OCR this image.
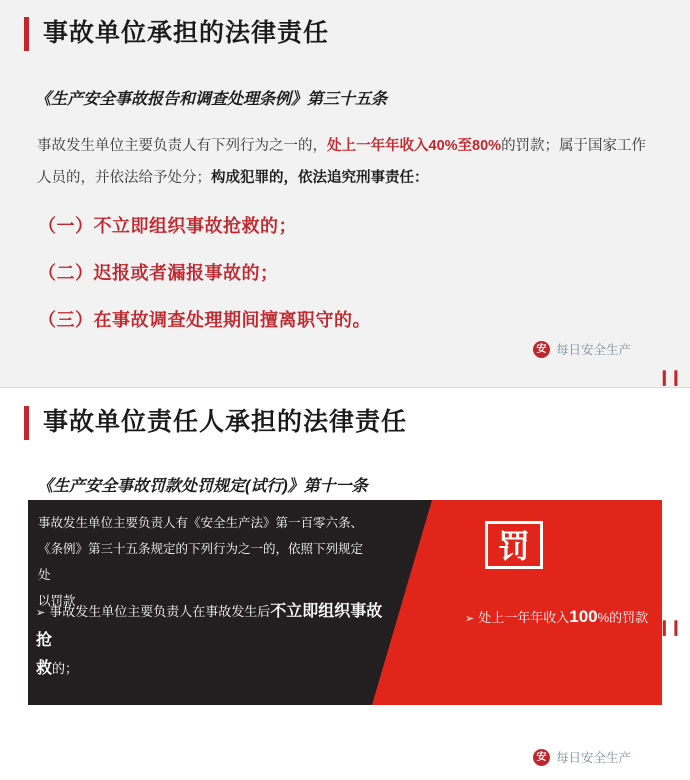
事故单位承担的法律责任
《生产安全事故报告和调查处理条例》第三十五条
事故发生单位主要负责人有下列行为之一的，处上一年年收入40%至80%的罚款；属于国家工作人员的，并依法给予处分；构成犯罪的，依法追究刑事责任：
（一）不立即组织事故抢救的；
（二）迟报或者漏报事故的；
（三）在事故调查处理期间擅离职守的。
安 每日安全生产
❙❙
事故单位责任人承担的法律责任
《生产安全事故罚款处罚规定(试行)》第十一条
事故发生单位主要负责人有《安全生产法》第一百零六条、
《条例》第三十五条规定的下列行为之一的，依照下列规定处
以罚款
➢ 事故发生单位主要负责人在事故发生后不立即组织事故抢
救的；
罚
➢ 处上一年年收入100%的罚款
安 每日安全生产
❙❙
